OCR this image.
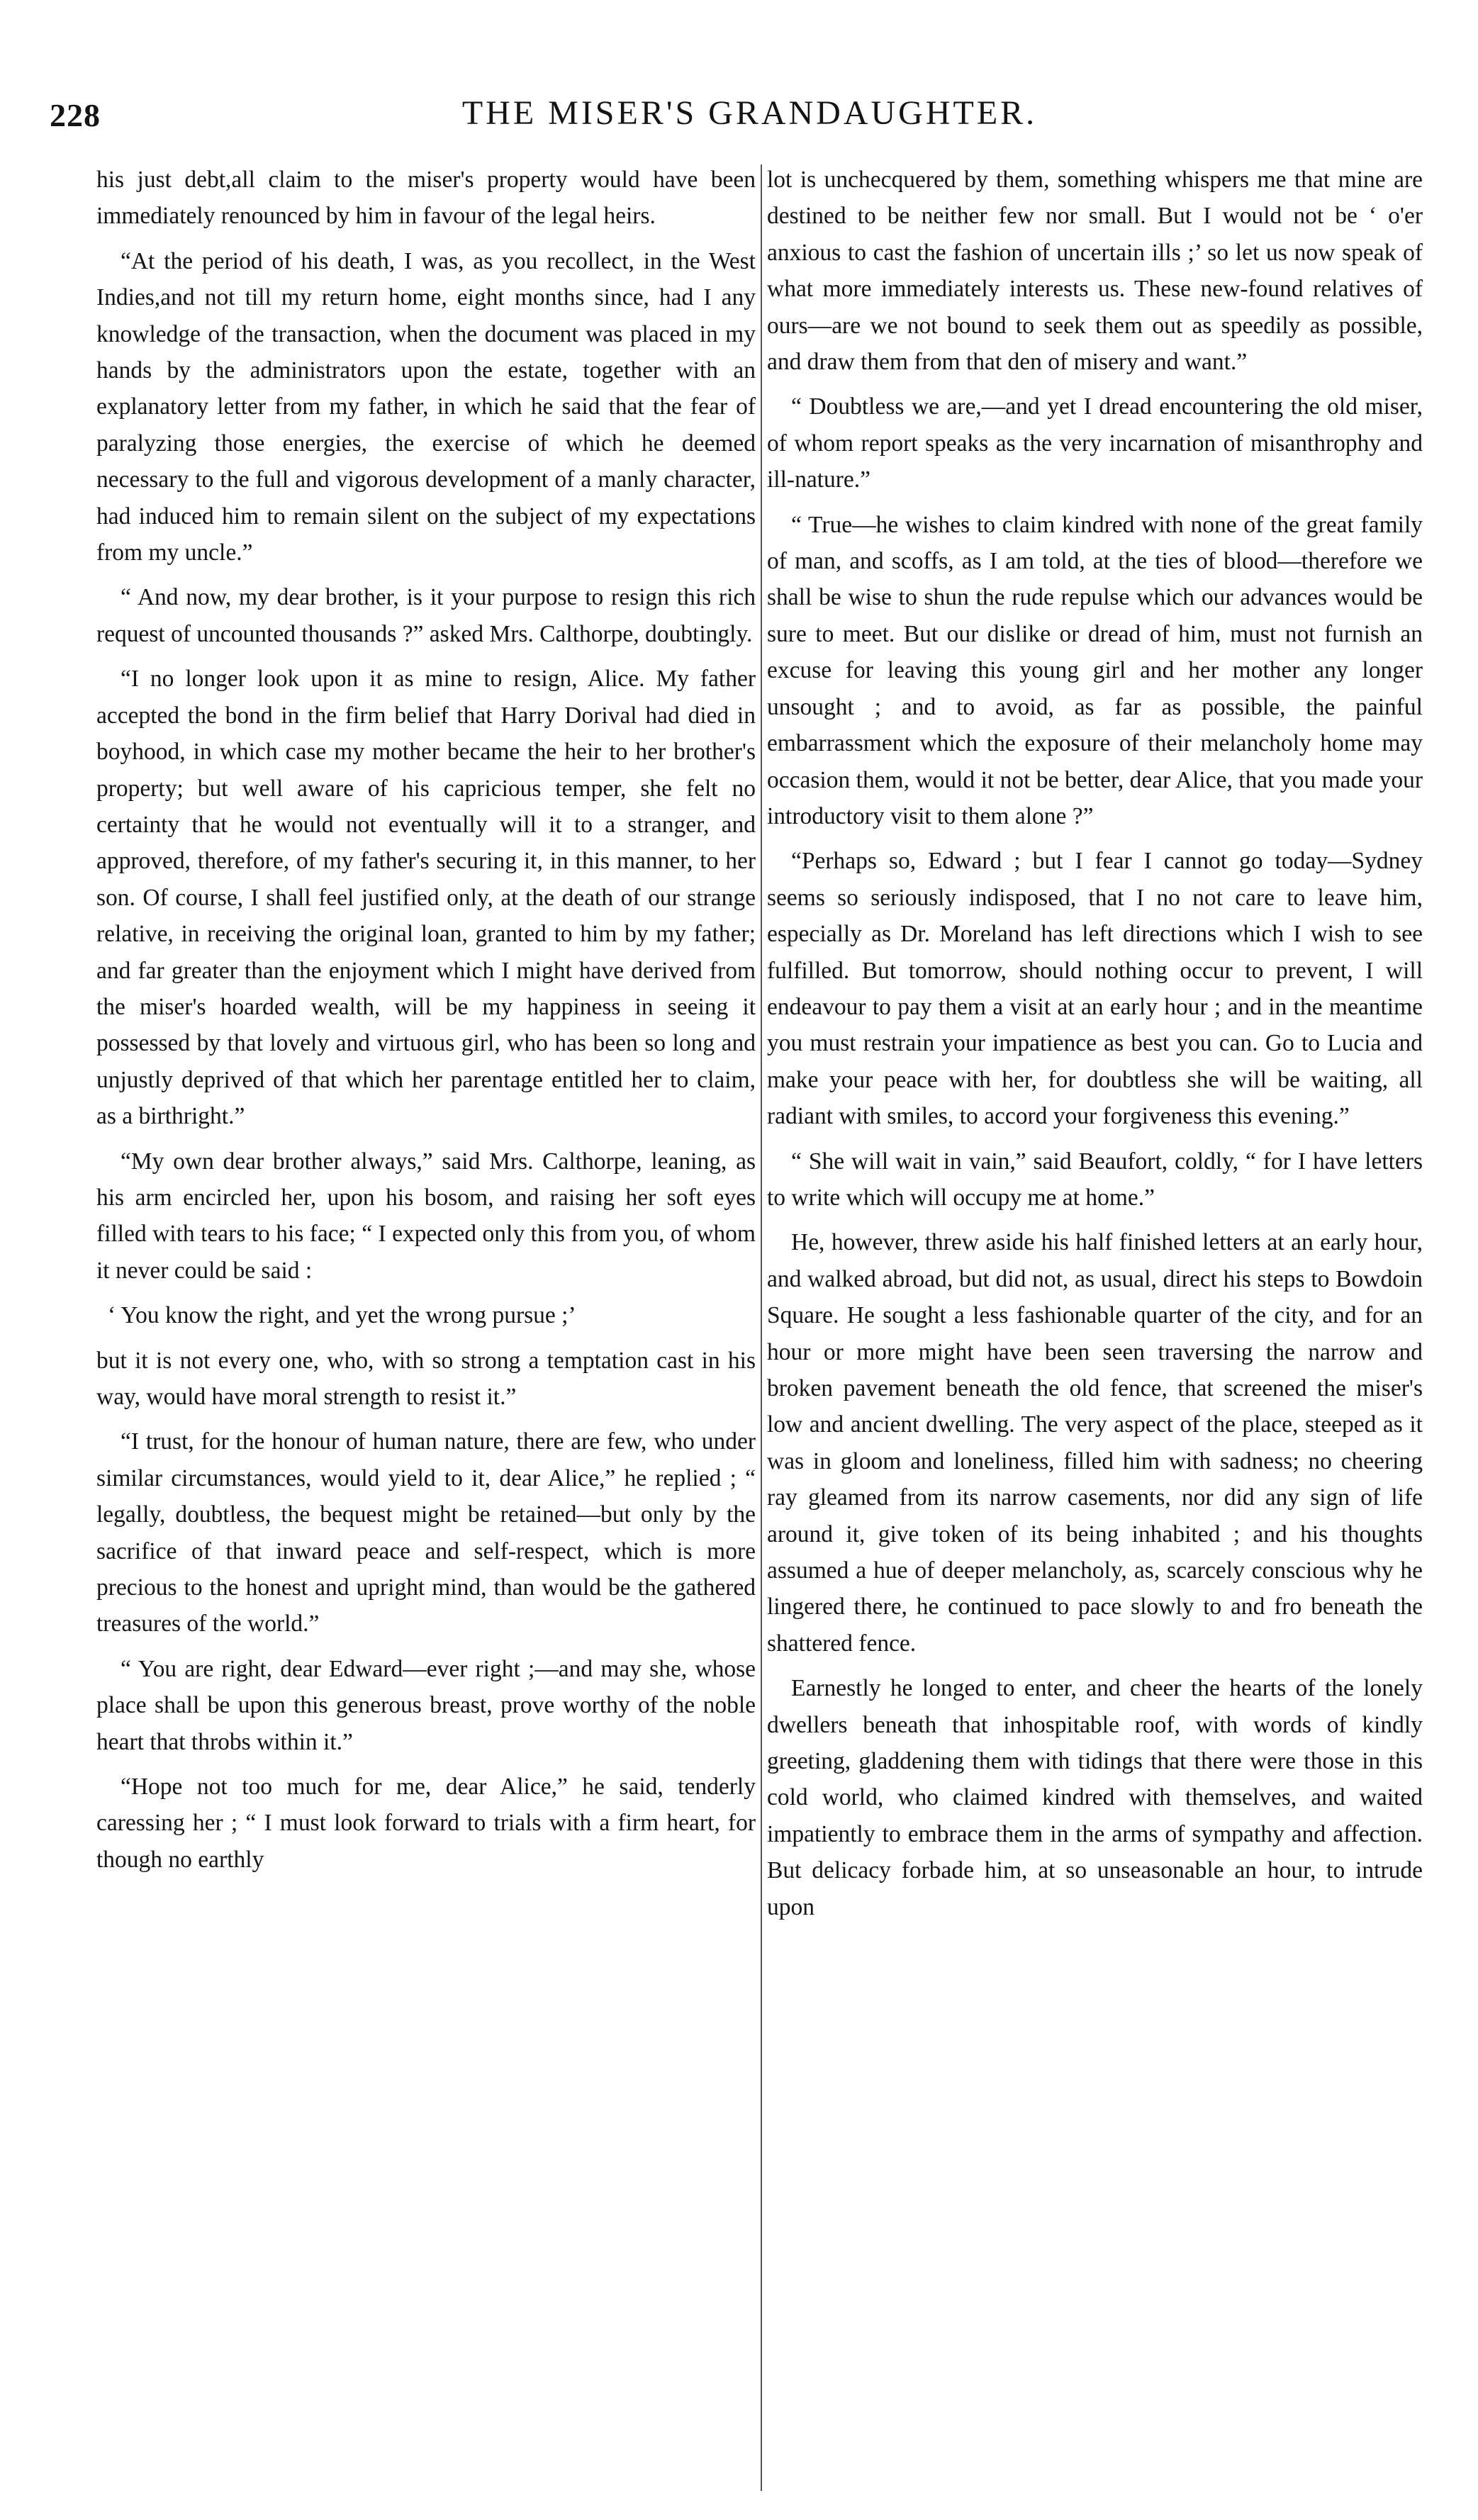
228	THE MISER'S GRANDAUGHTER.

his just debt,all claim to the miser's property would have been immediately renounced by him in favour of the legal heirs.

“At the period of his death, I was, as you recollect, in the West Indies,and not till my return home, eight months since, had I any knowledge of the transaction, when the document was placed in my hands by the administrators upon the estate, together with an explanatory letter from my father, in which he said that the fear of paralyzing those energies, the exercise of which he deemed necessary to the full and vigorous development of a manly character, had induced him to remain silent on the subject of my expectations from my uncle.”

“ And now, my dear brother, is it your purpose to resign this rich request of uncounted thousands ?” asked Mrs. Calthorpe, doubtingly.

“I no longer look upon it as mine to resign, Alice. My father accepted the bond in the firm belief that Harry Dorival had died in boyhood, in which case my mother became the heir to her brother's property; but well aware of his capricious temper, she felt no certainty that he would not eventually will it to a stranger, and approved, therefore, of my father's securing it, in this manner, to her son. Of course, I shall feel justified only, at the death of our strange relative, in receiving the original loan, granted to him by my father; and far greater than the enjoyment which I might have derived from the miser's hoarded wealth, will be my happiness in seeing it possessed by that lovely and virtuous girl, who has been so long and unjustly deprived of that which her parentage entitled her to claim, as a birthright.”

“My own dear brother always,” said Mrs. Calthorpe, leaning, as his arm encircled her, upon his bosom, and raising her soft eyes filled with tears to his face; “ I expected only this from you, of whom it never could be said :

‘ You know the right, and yet the wrong pursue ;’

but it is not every one, who, with so strong a temptation cast in his way, would have moral strength to resist it.”

“I trust, for the honour of human nature, there are few, who under similar circumstances, would yield to it, dear Alice,” he replied ; “ legally, doubtless, the bequest might be retained—but only by the sacrifice of that inward peace and self-respect, which is more precious to the honest and upright mind, than would be the gathered treasures of the world.”

“ You are right, dear Edward—ever right ;—and may she, whose place shall be upon this generous breast, prove worthy of the noble heart that throbs within it.”

“Hope not too much for me, dear Alice,” he said, tenderly caressing her ; “ I must look forward to trials with a firm heart, for though no earthly

lot is unchecquered by them, something whispers me that mine are destined to be neither few nor small. But I would not be ‘ o'er anxious to cast the fashion of uncertain ills ;’ so let us now speak of what more immediately interests us. These new-found relatives of ours—are we not bound to seek them out as speedily as possible, and draw them from that den of misery and want.”

“ Doubtless we are,—and yet I dread encountering the old miser, of whom report speaks as the very incarnation of misanthrophy and ill-nature.”

“ True—he wishes to claim kindred with none of the great family of man, and scoffs, as I am told, at the ties of blood—therefore we shall be wise to shun the rude repulse which our advances would be sure to meet. But our dislike or dread of him, must not furnish an excuse for leaving this young girl and her mother any longer unsought ; and to avoid, as far as possible, the painful embarrassment which the exposure of their melancholy home may occasion them, would it not be better, dear Alice, that you made your introductory visit to them alone ?”

“Perhaps so, Edward ; but I fear I cannot go today—Sydney seems so seriously indisposed, that I no not care to leave him, especially as Dr. Moreland has left directions which I wish to see fulfilled. But tomorrow, should nothing occur to prevent, I will endeavour to pay them a visit at an early hour ; and in the meantime you must restrain your impatience as best you can. Go to Lucia and make your peace with her, for doubtless she will be waiting, all radiant with smiles, to accord your forgiveness this evening.”

“ She will wait in vain,” said Beaufort, coldly, “ for I have letters to write which will occupy me at home.”

He, however, threw aside his half finished letters at an early hour, and walked abroad, but did not, as usual, direct his steps to Bowdoin Square. He sought a less fashionable quarter of the city, and for an hour or more might have been seen traversing the narrow and broken pavement beneath the old fence, that screened the miser's low and ancient dwelling. The very aspect of the place, steeped as it was in gloom and loneliness, filled him with sadness; no cheering ray gleamed from its narrow casements, nor did any sign of life around it, give token of its being inhabited ; and his thoughts assumed a hue of deeper melancholy, as, scarcely conscious why he lingered there, he continued to pace slowly to and fro beneath the shattered fence.

Earnestly he longed to enter, and cheer the hearts of the lonely dwellers beneath that inhospitable roof, with words of kindly greeting, gladdening them with tidings that there were those in this cold world, who claimed kindred with themselves, and waited impatiently to embrace them in the arms of sympathy and affection. But delicacy forbade him, at so unseasonable an hour, to intrude upon
